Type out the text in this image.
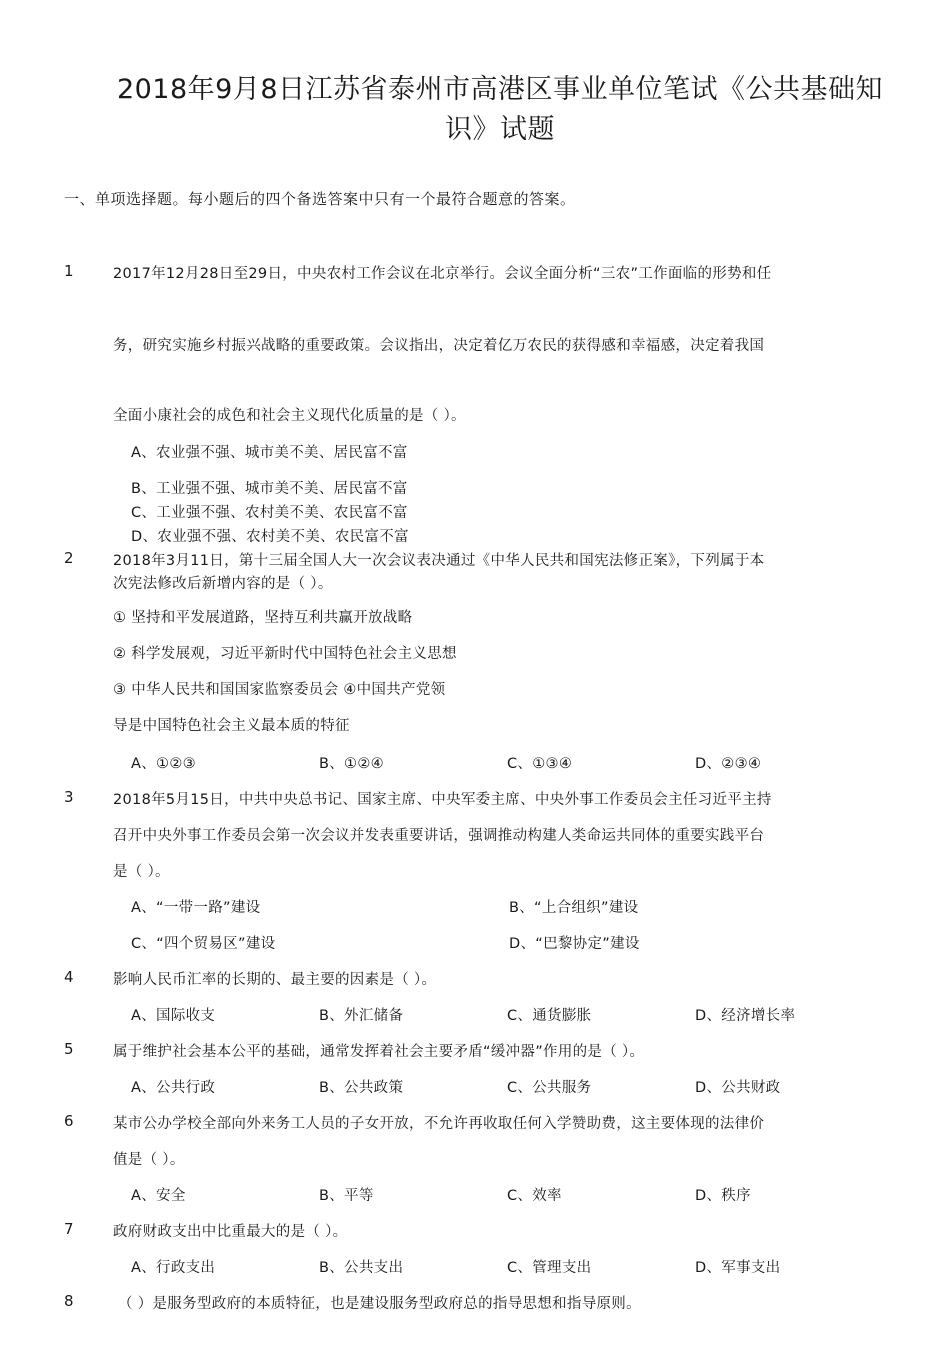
2018年9月8日江苏省泰州市高港区事业单位笔试《公共基础知
识》试题
一、单项选择题。每小题后的四个备选答案中只有一个最符合题意的答案。
1	2017年12月28日至29日，中央农村工作会议在北京举行。会议全面分析“三农”工作面临的形势和任
务，研究实施乡村振兴战略的重要政策。会议指出，决定着亿万农民的获得感和幸福感，决定着我国
全面小康社会的成色和社会主义现代化质量的是（ ）。
A、农业强不强、城市美不美、居民富不富
B、工业强不强、城市美不美、居民富不富
C、工业强不强、农村美不美、农民富不富
D、农业强不强、农村美不美、农民富不富
2	2018年3月11日，第十三届全国人大一次会议表决通过《中华人民共和国宪法修正案》，下列属于本
次宪法修改后新增内容的是（ ）。
① 坚持和平发展道路，坚持互利共赢开放战略
② 科学发展观，习近平新时代中国特色社会主义思想
③ 中华人民共和国国家监察委员会 ④中国共产党领
导是中国特色社会主义最本质的特征
A、①②③	B、①②④	C、①③④	D、②③④
3	2018年5月15日，中共中央总书记、国家主席、中央军委主席、中央外事工作委员会主任习近平主持
召开中央外事工作委员会第一次会议并发表重要讲话，强调推动构建人类命运共同体的重要实践平台
是（ ）。
A、“一带一路”建设	B、“上合组织”建设
C、“四个贸易区”建设	D、“巴黎协定”建设
4	影响人民币汇率的长期的、最主要的因素是（ ）。
A、国际收支	B、外汇储备	C、通货膨胀	D、经济增长率
5	属于维护社会基本公平的基础，通常发挥着社会主要矛盾“缓冲器”作用的是（ ）。
A、公共行政	B、公共政策	C、公共服务	D、公共财政
6	某市公办学校全部向外来务工人员的子女开放，不允许再收取任何入学赞助费，这主要体现的法律价
值是（ ）。
A、安全	B、平等	C、效率	D、秩序
7	政府财政支出中比重最大的是（ ）。
A、行政支出	B、公共支出	C、管理支出	D、军事支出
8	（ ）是服务型政府的本质特征，也是建设服务型政府总的指导思想和指导原则。
